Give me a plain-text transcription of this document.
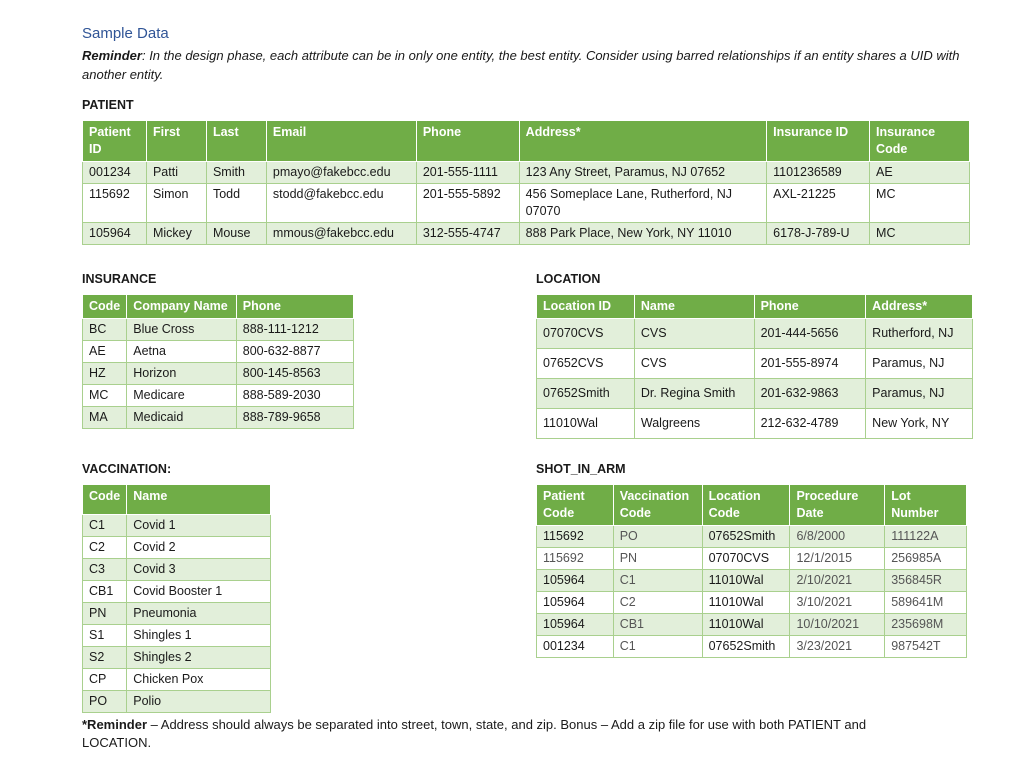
Sample Data
Reminder: In the design phase, each attribute can be in only one entity, the best entity. Consider using barred relationships if an entity shares a UID with another entity.
PATIENT
Patient ID	First	Last	Email	Phone	Address*	Insurance ID	Insurance Code
001234	Patti	Smith	pmayo@fakebcc.edu	201-555-1111	123 Any Street, Paramus, NJ 07652	1101236589	AE
115692	Simon	Todd	stodd@fakebcc.edu	201-555-5892	456 Someplace Lane, Rutherford, NJ 07070	AXL-21225	MC
105964	Mickey	Mouse	mmous@fakebcc.edu	312-555-4747	888 Park Place, New York, NY 11010	6178-J-789-U	MC
INSURANCE
Code	Company Name	Phone
BC	Blue Cross	888-111-1212
AE	Aetna	800-632-8877
HZ	Horizon	800-145-8563
MC	Medicare	888-589-2030
MA	Medicaid	888-789-9658
LOCATION
Location ID	Name	Phone	Address*
07070CVS	CVS	201-444-5656	Rutherford, NJ
07652CVS	CVS	201-555-8974	Paramus, NJ
07652Smith	Dr. Regina Smith	201-632-9863	Paramus, NJ
11010Wal	Walgreens	212-632-4789	New York, NY
VACCINATION:
Code	Name
C1	Covid 1
C2	Covid 2
C3	Covid 3
CB1	Covid Booster 1
PN	Pneumonia
S1	Shingles 1
S2	Shingles 2
CP	Chicken Pox
PO	Polio
SHOT_IN_ARM
Patient Code	Vaccination Code	Location Code	Procedure Date	Lot Number
115692	PO	07652Smith	6/8/2000	111122A
115692	PN	07070CVS	12/1/2015	256985A
105964	C1	11010Wal	2/10/2021	356845R
105964	C2	11010Wal	3/10/2021	589641M
105964	CB1	11010Wal	10/10/2021	235698M
001234	C1	07652Smith	3/23/2021	987542T
*Reminder – Address should always be separated into street, town, state, and zip. Bonus – Add a zip file for use with both PATIENT and LOCATION.
